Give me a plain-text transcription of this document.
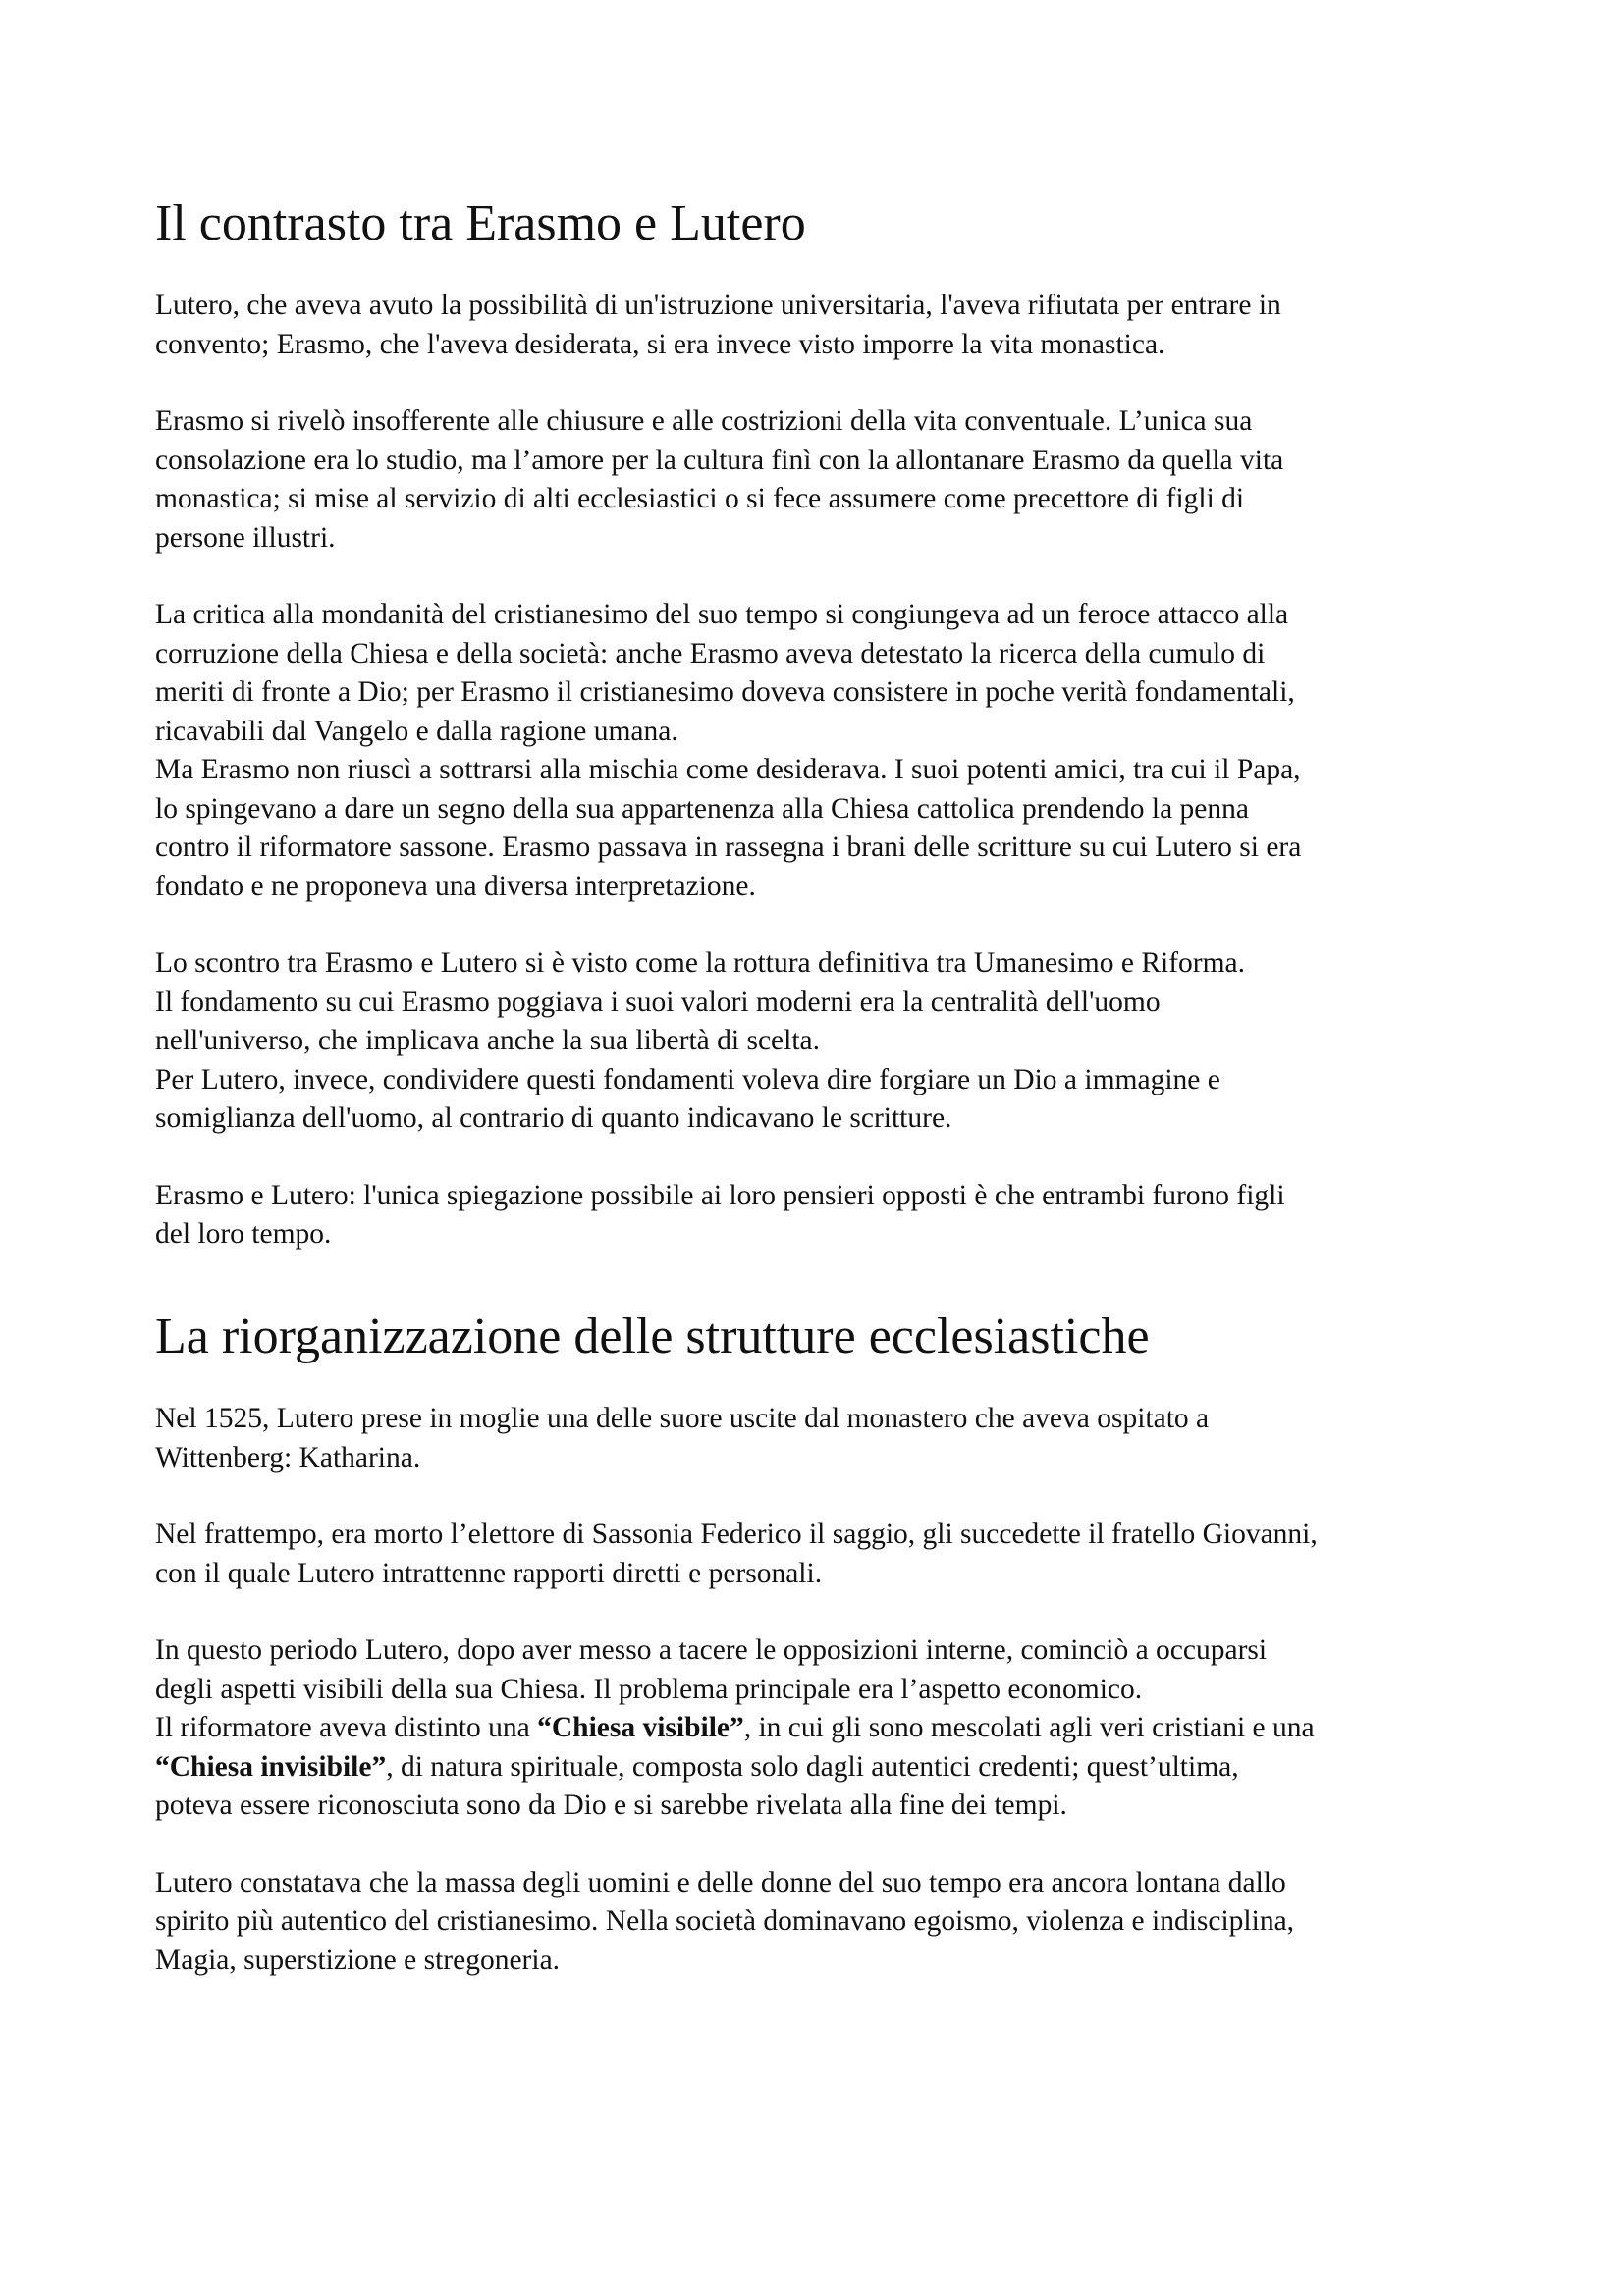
Il contrasto tra Erasmo e Lutero

Lutero, che aveva avuto la possibilità di un'istruzione universitaria, l'aveva rifiutata per entrare in
convento; Erasmo, che l'aveva desiderata, si era invece visto imporre la vita monastica.

Erasmo si rivelò insofferente alle chiusure e alle costrizioni della vita conventuale. L’unica sua
consolazione era lo studio, ma l’amore per la cultura finì con la allontanare Erasmo da quella vita
monastica; si mise al servizio di alti ecclesiastici o si fece assumere come precettore di figli di
persone illustri.

La critica alla mondanità del cristianesimo del suo tempo si congiungeva ad un feroce attacco alla
corruzione della Chiesa e della società: anche Erasmo aveva detestato la ricerca della cumulo di
meriti di fronte a Dio; per Erasmo il cristianesimo doveva consistere in poche verità fondamentali,
ricavabili dal Vangelo e dalla ragione umana.
Ma Erasmo non riuscì a sottrarsi alla mischia come desiderava. I suoi potenti amici, tra cui il Papa,
lo spingevano a dare un segno della sua appartenenza alla Chiesa cattolica prendendo la penna
contro il riformatore sassone. Erasmo passava in rassegna i brani delle scritture su cui Lutero si era
fondato e ne proponeva una diversa interpretazione.

Lo scontro tra Erasmo e Lutero si è visto come la rottura definitiva tra Umanesimo e Riforma.
Il fondamento su cui Erasmo poggiava i suoi valori moderni era la centralità dell'uomo
nell'universo, che implicava anche la sua libertà di scelta.
Per Lutero, invece, condividere questi fondamenti voleva dire forgiare un Dio a immagine e
somiglianza dell'uomo, al contrario di quanto indicavano le scritture.

Erasmo e Lutero: l'unica spiegazione possibile ai loro pensieri opposti è che entrambi furono figli
del loro tempo.

La riorganizzazione delle strutture ecclesiastiche

Nel 1525, Lutero prese in moglie una delle suore uscite dal monastero che aveva ospitato a
Wittenberg: Katharina.

Nel frattempo, era morto l’elettore di Sassonia Federico il saggio, gli succedette il fratello Giovanni,
con il quale Lutero intrattenne rapporti diretti e personali.

In questo periodo Lutero, dopo aver messo a tacere le opposizioni interne, cominciò a occuparsi
degli aspetti visibili della sua Chiesa. Il problema principale era l’aspetto economico.
Il riformatore aveva distinto una “Chiesa visibile”, in cui gli sono mescolati agli veri cristiani e una
“Chiesa invisibile”, di natura spirituale, composta solo dagli autentici credenti; quest’ultima,
poteva essere riconosciuta sono da Dio e si sarebbe rivelata alla fine dei tempi.

Lutero constatava che la massa degli uomini e delle donne del suo tempo era ancora lontana dallo
spirito più autentico del cristianesimo. Nella società dominavano egoismo, violenza e indisciplina,
Magia, superstizione e stregoneria.
